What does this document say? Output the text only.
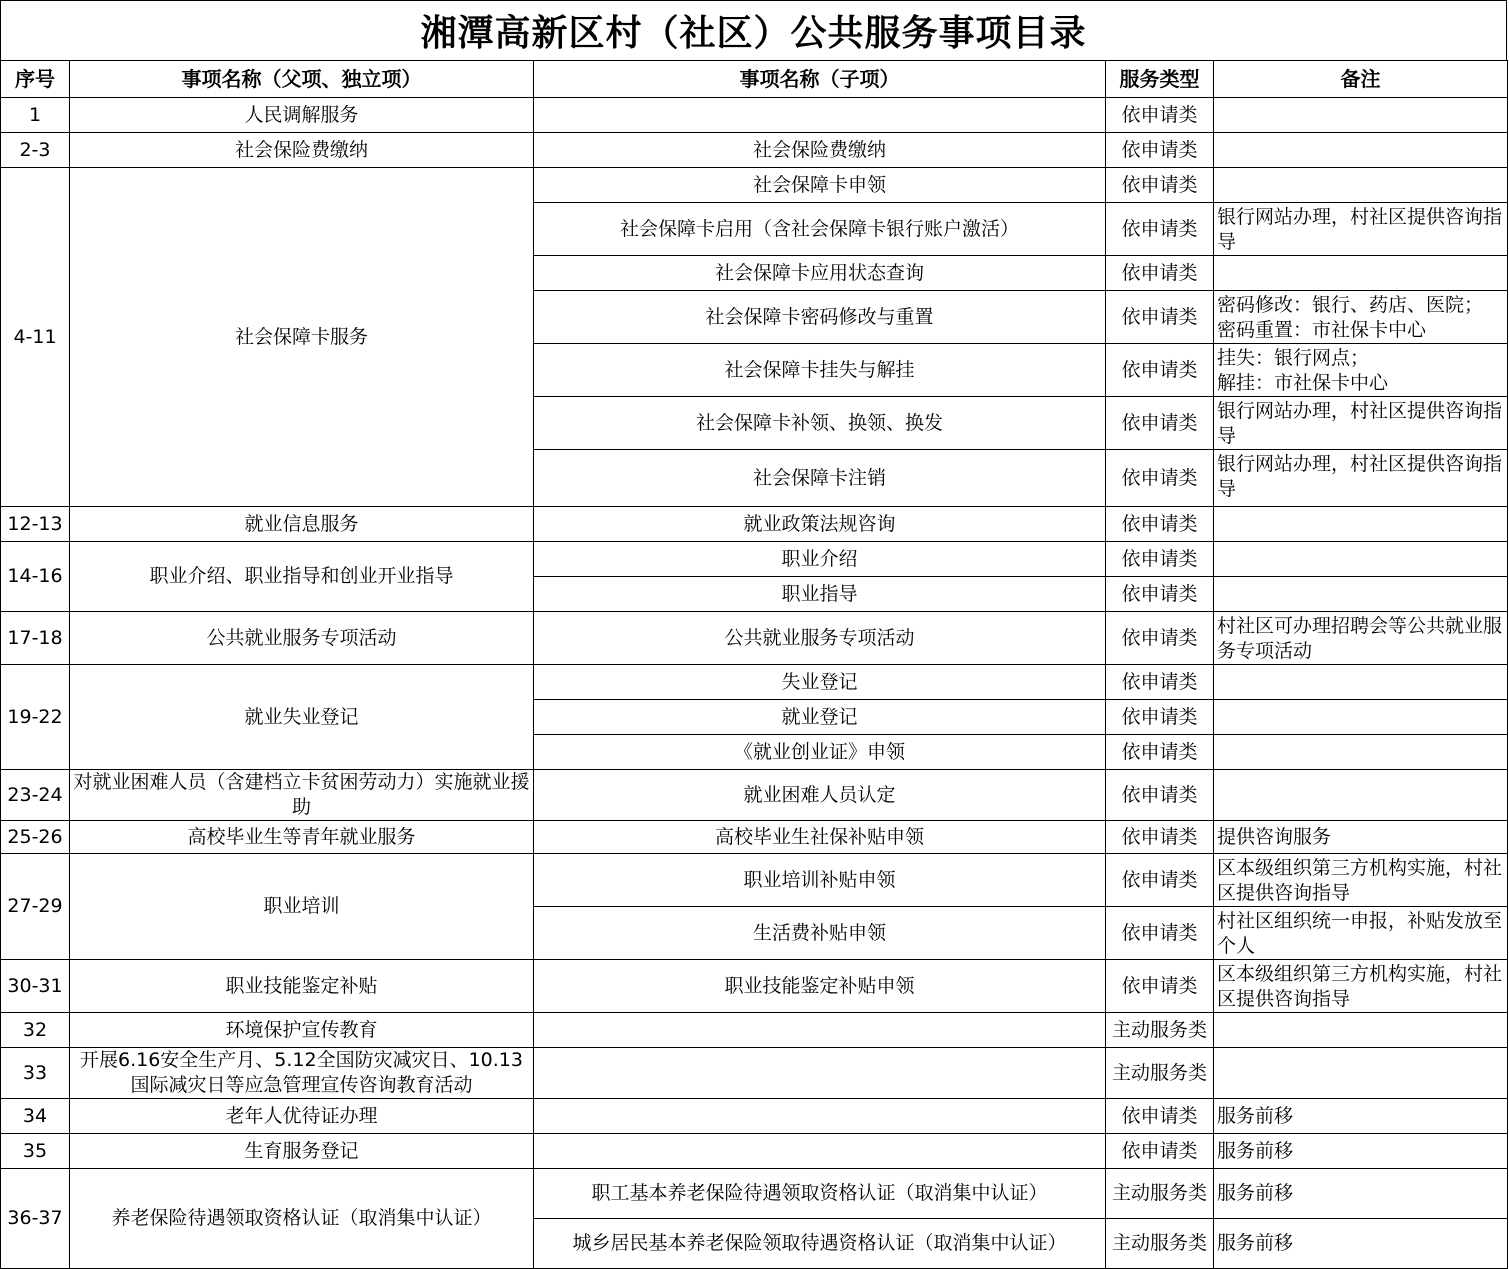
湘潭高新区村（社区）公共服务事项目录
序号	事项名称（父项、独立项）	事项名称（子项）	服务类型	备注
1	人民调解服务		依申请类	
2-3	社会保险费缴纳	社会保险费缴纳	依申请类	
4-11	社会保障卡服务	社会保障卡申领	依申请类	
		社会保障卡启用（含社会保障卡银行账户激活）	依申请类	银行网站办理，村社区提供咨询指导
		社会保障卡应用状态查询	依申请类	
		社会保障卡密码修改与重置	依申请类	密码修改：银行、药店、医院；
密码重置：市社保卡中心

		社会保障卡挂失与解挂	依申请类	挂失：银行网点；
解挂：市社保卡中心

		社会保障卡补领、换领、换发	依申请类	银行网站办理，村社区提供咨询指导
		社会保障卡注销	依申请类	银行网站办理，村社区提供咨询指导
12-13	就业信息服务	就业政策法规咨询	依申请类	
14-16	职业介绍、职业指导和创业开业指导	职业介绍	依申请类	
		职业指导	依申请类	
17-18	公共就业服务专项活动	公共就业服务专项活动	依申请类	村社区可办理招聘会等公共就业服务专项活动
19-22	就业失业登记	失业登记	依申请类	
		就业登记	依申请类	
		《就业创业证》申领	依申请类	
23-24	对就业困难人员（含建档立卡贫困劳动力）实施就业援助	就业困难人员认定	依申请类	
25-26	高校毕业生等青年就业服务	高校毕业生社保补贴申领	依申请类	提供咨询服务
27-29	职业培训	职业培训补贴申领	依申请类	区本级组织第三方机构实施，村社区提供咨询指导
		生活费补贴申领	依申请类	村社区组织统一申报，补贴发放至个人
30-31	职业技能鉴定补贴	职业技能鉴定补贴申领	依申请类	区本级组织第三方机构实施，村社区提供咨询指导
32	环境保护宣传教育		主动服务类	
33	开展6.16安全生产月、5.12全国防灾减灾日、10.13国际减灾日等应急管理宣传咨询教育活动		主动服务类	
34	老年人优待证办理		依申请类	服务前移
35	生育服务登记		依申请类	服务前移
36-37	养老保险待遇领取资格认证（取消集中认证）	职工基本养老保险待遇领取资格认证（取消集中认证）	主动服务类	服务前移
		城乡居民基本养老保险领取待遇资格认证（取消集中认证）	主动服务类	服务前移
